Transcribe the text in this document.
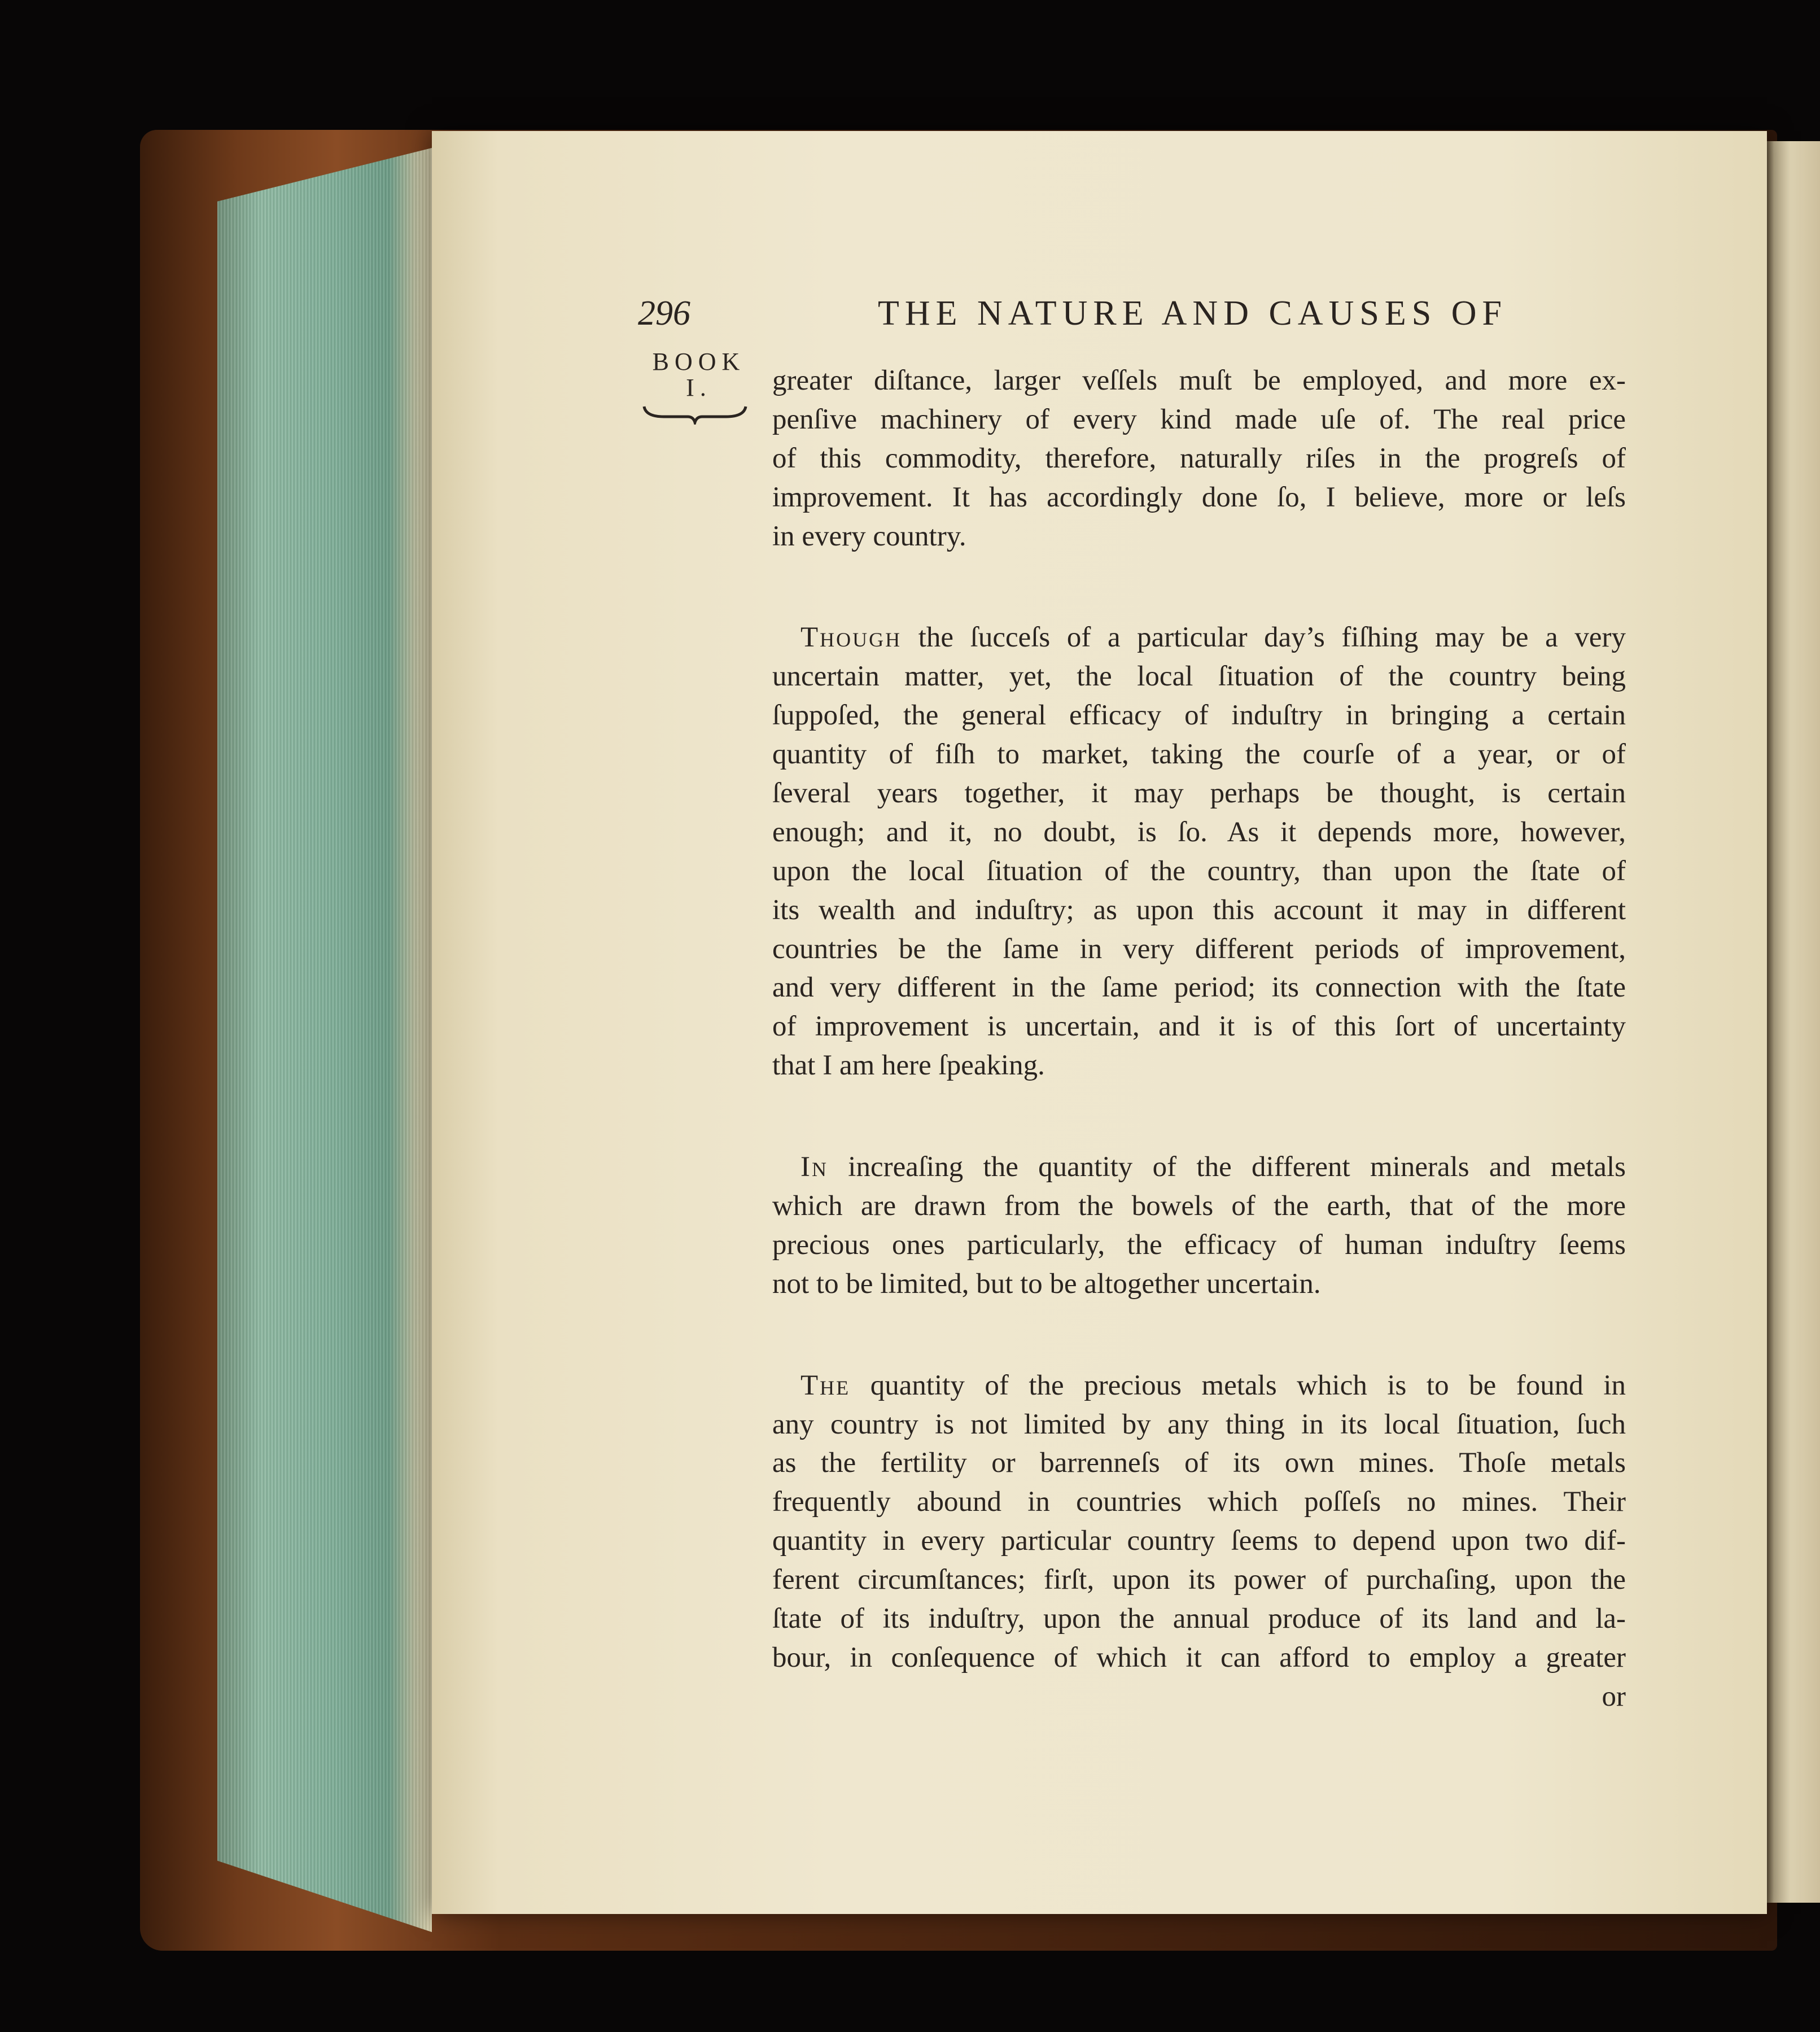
296	THE NATURE AND CAUSES OF
BOOK
I.	greater diſtance, larger veſſels muſt be employed, and more ex-
penſive machinery of every kind made uſe of. The real price
of this commodity, therefore, naturally riſes in the progreſs of
improvement. It has accordingly done ſo, I believe, more or leſs
in every country.
Though the ſucceſs of a particular day’s fiſhing may be a very
uncertain matter, yet, the local ſituation of the country being
ſuppoſed, the general efficacy of induſtry in bringing a certain
quantity of fiſh to market, taking the courſe of a year, or of
ſeveral years together, it may perhaps be thought, is certain
enough; and it, no doubt, is ſo. As it depends more, however,
upon the local ſituation of the country, than upon the ſtate of
its wealth and induſtry; as upon this account it may in different
countries be the ſame in very different periods of improvement,
and very different in the ſame period; its connection with the ſtate
of improvement is uncertain, and it is of this ſort of uncertainty
that I am here ſpeaking.
In increaſing the quantity of the different minerals and metals
which are drawn from the bowels of the earth, that of the more
precious ones particularly, the efficacy of human induſtry ſeems
not to be limited, but to be altogether uncertain.
The quantity of the precious metals which is to be found in
any country is not limited by any thing in its local ſituation, ſuch
as the fertility or barrenneſs of its own mines. Thoſe metals
frequently abound in countries which poſſeſs no mines. Their
quantity in every particular country ſeems to depend upon two dif-
ferent circumſtances; firſt, upon its power of purchaſing, upon the
ſtate of its induſtry, upon the annual produce of its land and la-
bour, in conſequence of which it can afford to employ a greater
or
